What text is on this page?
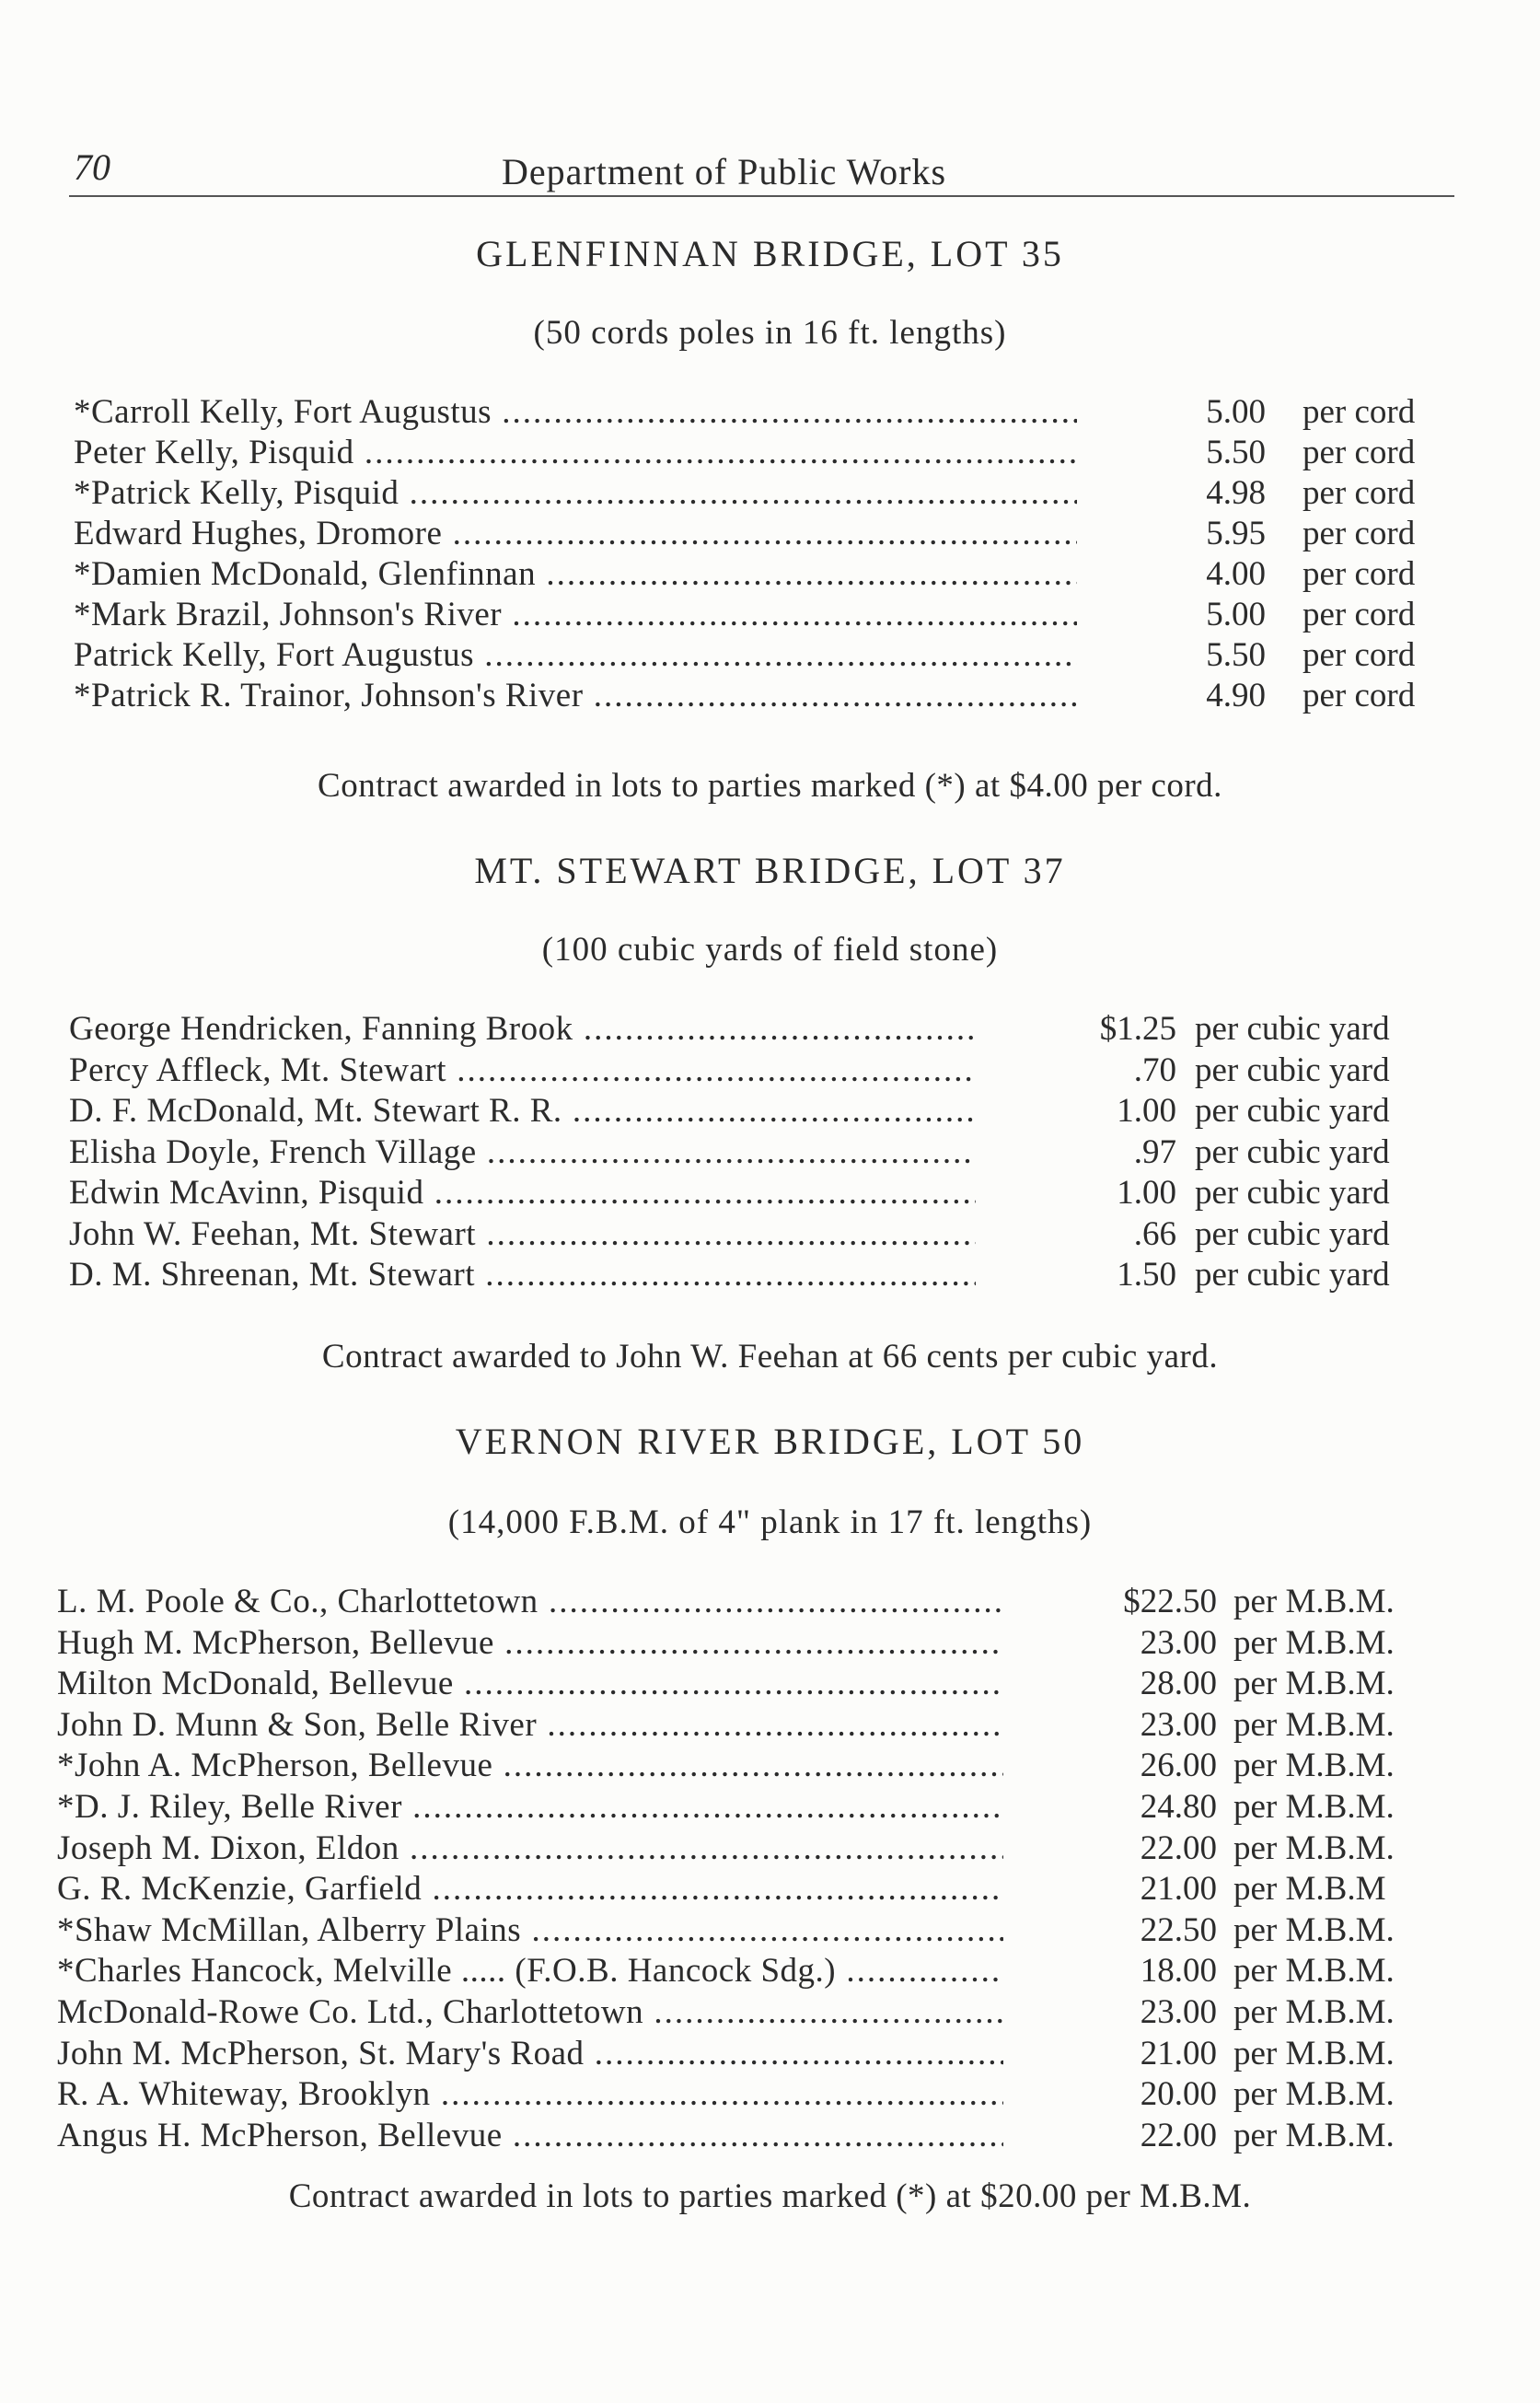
70	Department of Public Works
GLENFINNAN BRIDGE, LOT 35
(50 cords poles in 16 ft. lengths)
*Carroll Kelly, Fort Augustus .....	5.00 per cord
Peter Kelly, Pisquid .....	5.50 per cord
*Patrick Kelly, Pisquid .....	4.98 per cord
Edward Hughes, Dromore .....	5.95 per cord
*Damien McDonald, Glenfinnan .....	4.00 per cord
*Mark Brazil, Johnson's River .....	5.00 per cord
Patrick Kelly, Fort Augustus .....	5.50 per cord
*Patrick R. Trainor, Johnson's River .....	4.90 per cord
Contract awarded in lots to parties marked (*) at $4.00 per cord.
MT. STEWART BRIDGE, LOT 37
(100 cubic yards of field stone)
George Hendricken, Fanning Brook .....	$1.25 per cubic yard
Percy Affleck, Mt. Stewart .....	.70 per cubic yard
D. F. McDonald, Mt. Stewart R. R. .....	1.00 per cubic yard
Elisha Doyle, French Village .....	.97 per cubic yard
Edwin McAvinn, Pisquid .....	1.00 per cubic yard
John W. Feehan, Mt. Stewart .....	.66 per cubic yard
D. M. Shreenan, Mt. Stewart .....	1.50 per cubic yard
Contract awarded to John W. Feehan at 66 cents per cubic yard.
VERNON RIVER BRIDGE, LOT 50
(14,000 F.B.M. of 4" plank in 17 ft. lengths)
L. M. Poole & Co., Charlottetown .....	$22.50 per M.B.M.
Hugh M. McPherson, Bellevue .....	23.00 per M.B.M.
Milton McDonald, Bellevue .....	28.00 per M.B.M.
John D. Munn & Son, Belle River .....	23.00 per M.B.M.
*John A. McPherson, Bellevue .....	26.00 per M.B.M.
*D. J. Riley, Belle River .....	24.80 per M.B.M.
Joseph M. Dixon, Eldon .....	22.00 per M.B.M.
G. R. McKenzie, Garfield .....	21.00 per M.B.M
*Shaw McMillan, Alberry Plains .....	22.50 per M.B.M.
*Charles Hancock, Melville ..... (F.O.B. Hancock Sdg.) .....	18.00 per M.B.M.
McDonald-Rowe Co. Ltd., Charlottetown .....	23.00 per M.B.M.
John M. McPherson, St. Mary's Road .....	21.00 per M.B.M.
R. A. Whiteway, Brooklyn .....	20.00 per M.B.M.
Angus H. McPherson, Bellevue .....	22.00 per M.B.M.
Contract awarded in lots to parties marked (*) at $20.00 per M.B.M.
